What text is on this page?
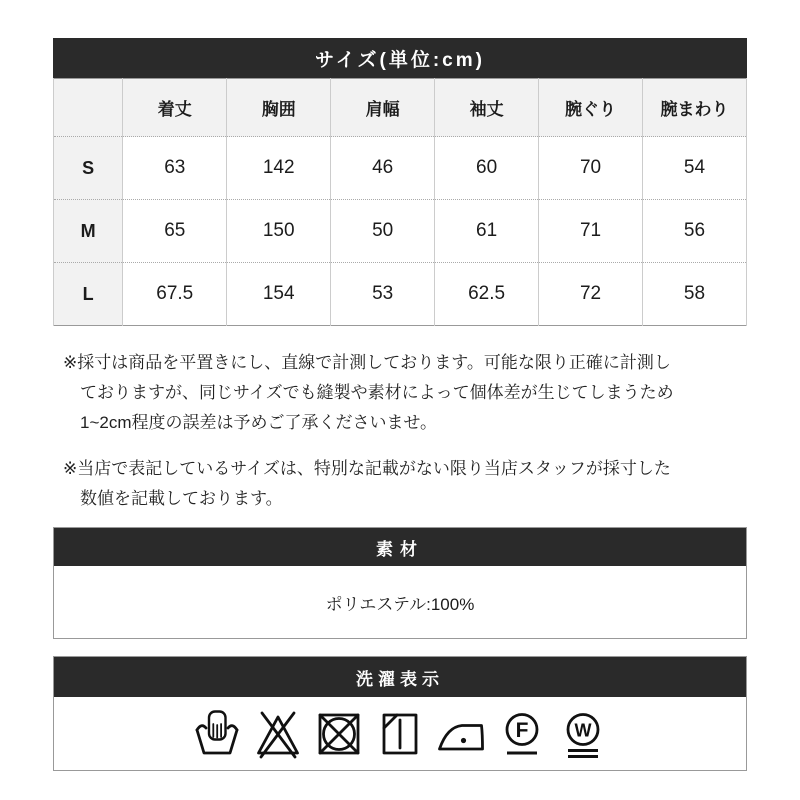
サイズ(単位:cm)
	着丈	胸囲	肩幅	袖丈	腕ぐり	腕まわり
S	63	142	46	60	70	54
M	65	150	50	61	71	56
L	67.5	154	53	62.5	72	58
※採寸は商品を平置きにし、直線で計測しております。可能な限り正確に計測し
ておりますが、同じサイズでも縫製や素材によって個体差が生じてしまうため
1~2cm程度の誤差は予めご了承くださいませ。
※当店で表記しているサイズは、特別な記載がない限り当店スタッフが採寸した
数値を記載しております。
素材
ポリエステル:100%
洗濯表示
F	W
